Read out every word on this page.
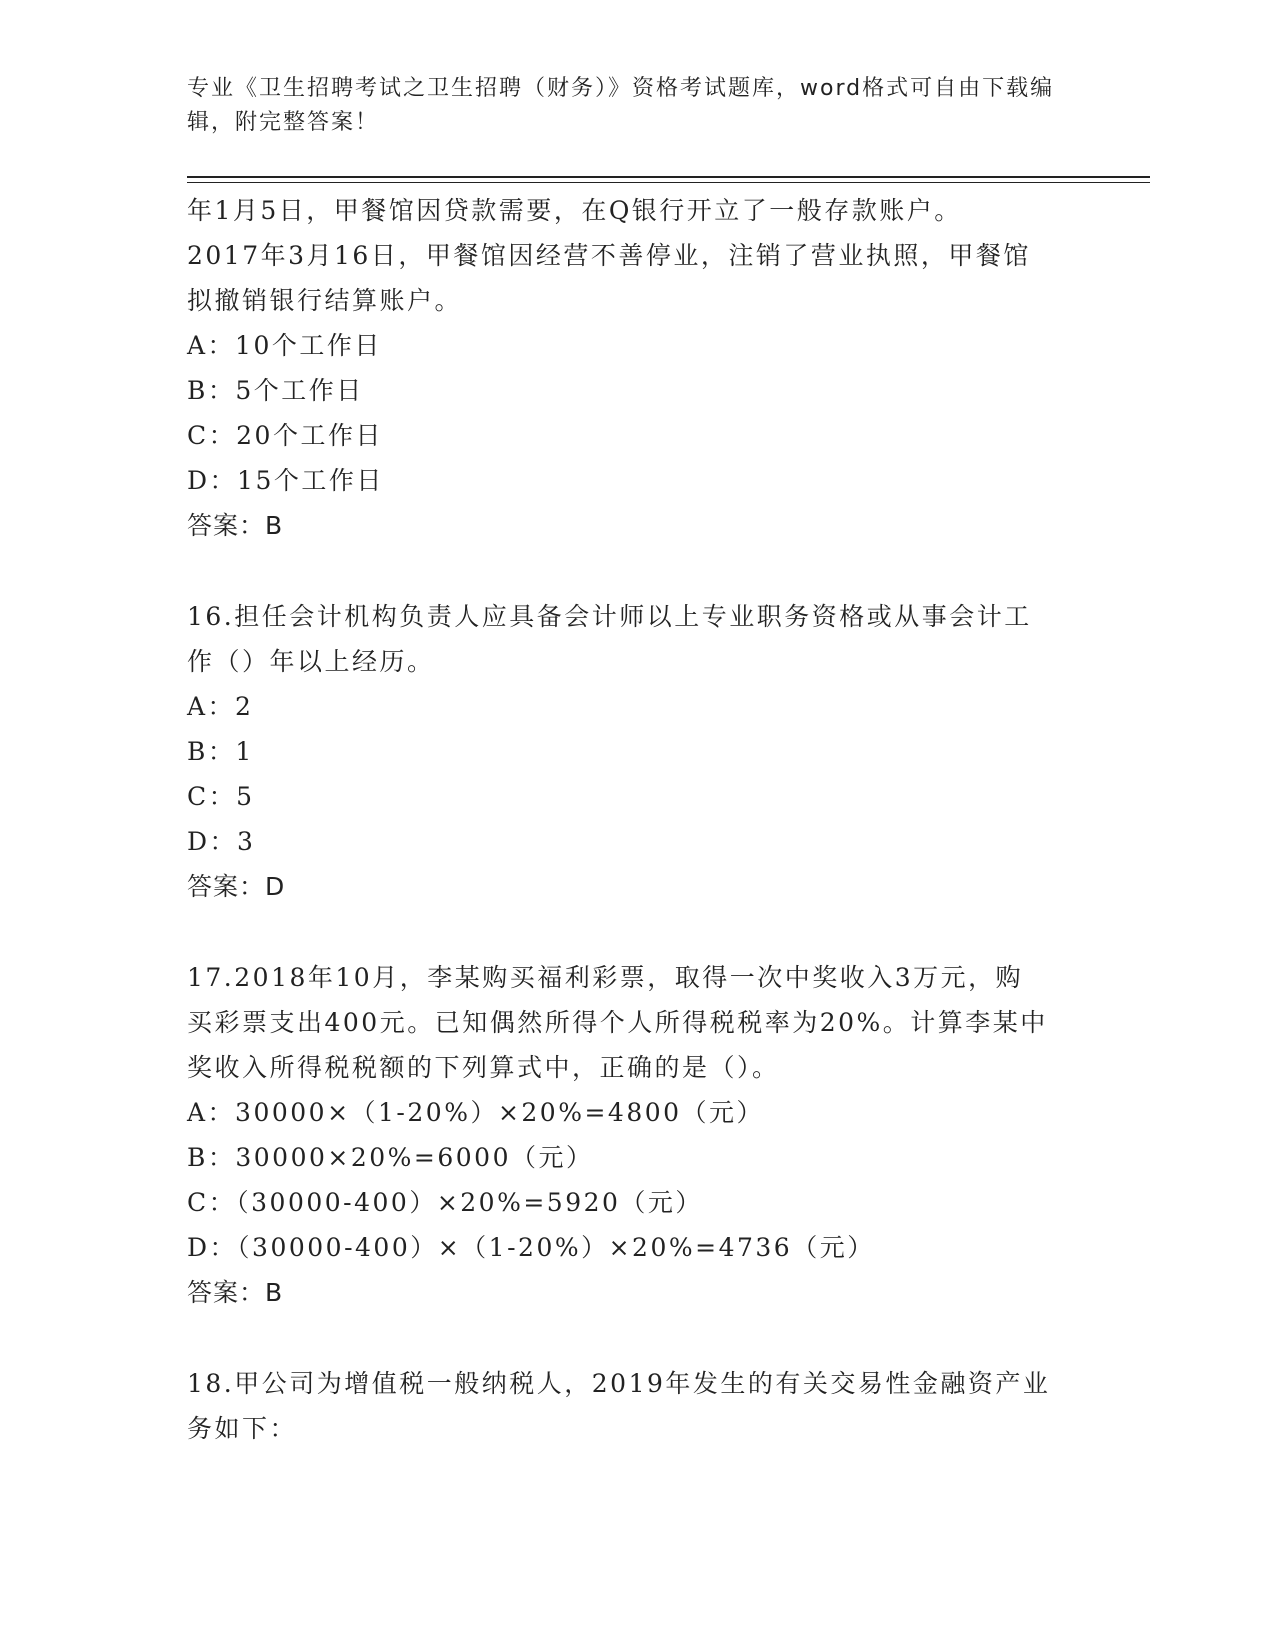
专业《卫生招聘考试之卫生招聘（财务）》资格考试题库，word格式可自由下载编辑，附完整答案！
年1月5日，甲餐馆因贷款需要，在Q银行开立了一般存款账户。
2017年3月16日，甲餐馆因经营不善停业，注销了营业执照，甲餐馆
拟撤销银行结算账户。
A：10个工作日
B：5个工作日
C：20个工作日
D：15个工作日
答案：B
16.担任会计机构负责人应具备会计师以上专业职务资格或从事会计工
作（）年以上经历。
A：2
B：1
C：5
D：3
答案：D
17.2018年10月，李某购买福利彩票，取得一次中奖收入3万元，购
买彩票支出400元。已知偶然所得个人所得税税率为20%。计算李某中
奖收入所得税税额的下列算式中，正确的是（）。
A：30000×（1-20%）×20%=4800（元）
B：30000×20%=6000（元）
C：（30000-400）×20%=5920（元）
D：（30000-400）×（1-20%）×20%=4736（元）
答案：B
18.甲公司为增值税一般纳税人，2019年发生的有关交易性金融资产业
务如下：
